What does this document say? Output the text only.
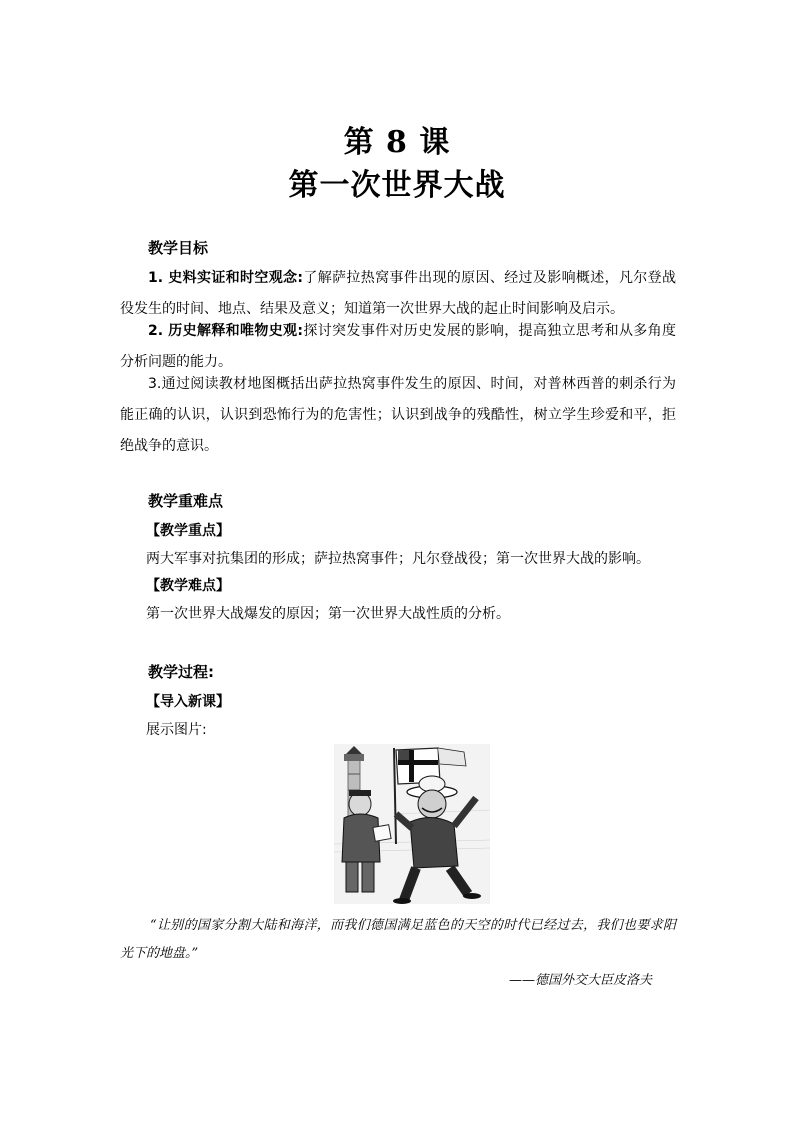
第 8 课
第一次世界大战
教学目标
1. 史料实证和时空观念:了解萨拉热窝事件出现的原因、经过及影响概述，凡尔登战役发生的时间、地点、结果及意义；知道第一次世界大战的起止时间影响及启示。
2. 历史解释和唯物史观:探讨突发事件对历史发展的影响，提高独立思考和从多角度分析问题的能力。
3.通过阅读教材地图概括出萨拉热窝事件发生的原因、时间，对普林西普的刺杀行为能正确的认识，认识到恐怖行为的危害性；认识到战争的残酷性，树立学生珍爱和平，拒绝战争的意识。
教学重难点
【教学重点】
两大军事对抗集团的形成；萨拉热窝事件；凡尔登战役；第一次世界大战的影响。
【教学难点】
第一次世界大战爆发的原因；第一次世界大战性质的分析。
教学过程:
【导入新课】
展示图片:
“让别的国家分割大陆和海洋，而我们德国满足蓝色的天空的时代已经过去，我们也要求阳光下的地盘。”
——德国外交大臣皮洛夫
